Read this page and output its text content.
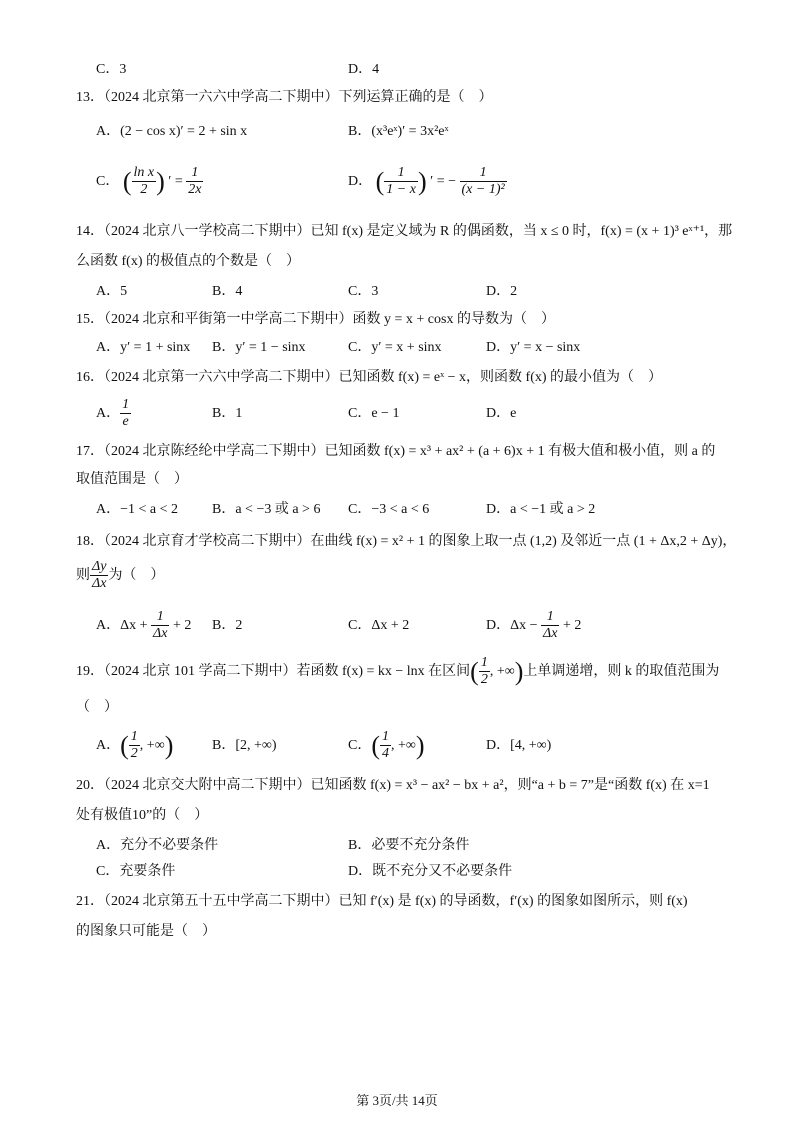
C．3	D．4
13．（2024 北京第一六六中学高二下期中）下列运算正确的是（　）
A．(2 − cos x)′ = 2 + sin x	B．(x³eˣ)′ = 3x²eˣ
C． ( $\frac{\text{ln x}}{2}$ ) ′ = $\frac{1}{2x}$	D． ( $\frac{1}{1 - x}$ ) ′ = − $\frac{1}{\text{(x − 1)²}}$
14．（2024 北京八一学校高二下期中）已知 f(x) 是定义域为 R 的偶函数，当 x ≤ 0 时，f(x) = (x + 1)³ eˣ⁺¹，那
么函数 f(x) 的极值点的个数是（　）
A．5	B．4	C．3	D．2
15．（2024 北京和平街第一中学高二下期中）函数 y = x + cosx 的导数为（　）
A．y′ = 1 + sinx B．y′ = 1 − sinx	C．y′ = x + sinx	D．y′ = x − sinx
16．（2024 北京第一六六中学高二下期中）已知函数 f(x) = eˣ − x，则函数 f(x) 的最小值为（　）
A． $\frac{1}{e}$	B．1	C．e − 1	D．e
17．（2024 北京陈经纶中学高二下期中）已知函数 f(x) = x³ + ax² + (a + 6)x + 1 有极大值和极小值，则 a 的
取值范围是（　）
A．−1 < a < 2 B．a < −3 或 a > 6 C．−3 < a < 6	D．a < −1 或 a > 2
18．（2024 北京育才学校高二下期中）在曲线 f(x) = x² + 1 的图象上取一点 (1,2) 及邻近一点 (1 + Δx,2 + Δy)，
则 $\frac{\Delta y}{\Delta x}$ 为（　）
A．$\Delta x + \frac{1}{\Delta x} + 2$ B．2	C．Δx + 2	D．$\Delta x - \frac{1}{\Delta x} + 2$
19．（2024 北京 101 学高二下期中）若函数 f(x) = kx − lnx 在区间( $\frac{1}{2}$ , +∞)上单调递增，则 k 的取值范围为
（　）
A．( $\frac{1}{2}$ , +∞)	B．[2, +∞)	C．( $\frac{1}{4}$ , +∞)	D．[4, +∞)
20．（2024 北京交大附中高二下期中）已知函数 f(x) = x³ − ax² − bx + a²，则“a + b = 7”是“函数 f(x) 在 x=1
处有极值10”的（　）
A．充分不必要条件	B．必要不充分条件
C．充要条件	D．既不充分又不必要条件
21．（2024 北京第五十五中学高二下期中）已知 f′(x) 是 f(x) 的导函数，f′(x) 的图象如图所示，则 f(x)
的图象只可能是（　）
第 3页/共 14页
